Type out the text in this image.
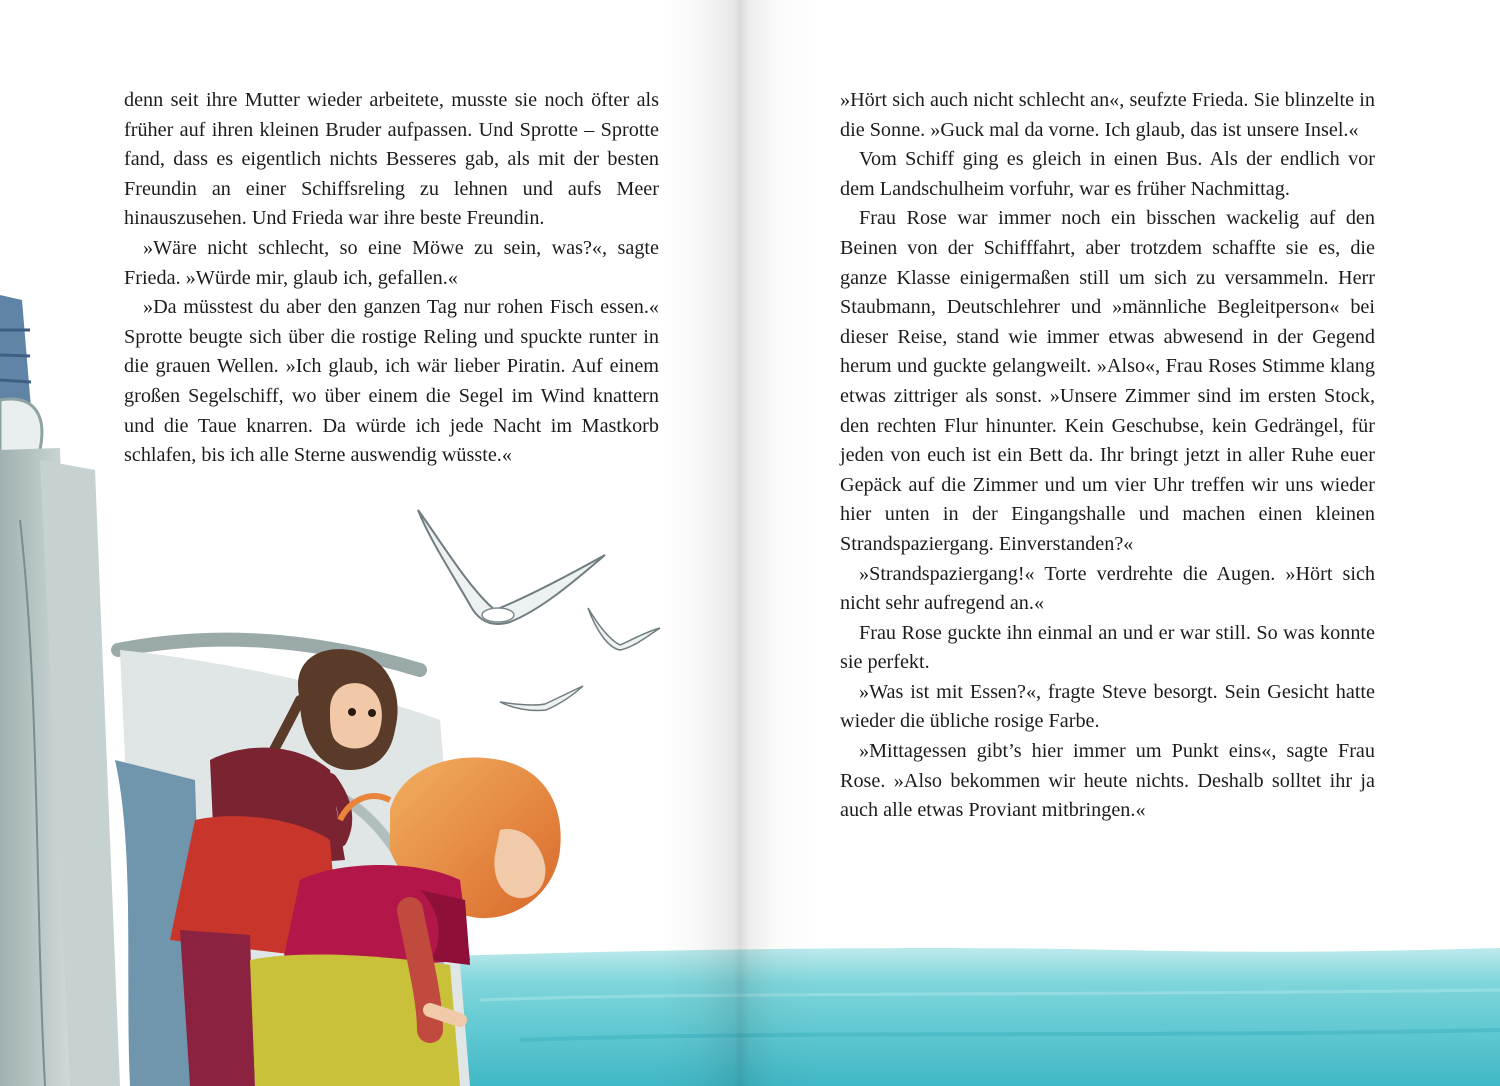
denn seit ihre Mutter wieder arbeitete, musste sie noch öfter als früher auf ihren kleinen Bruder aufpassen. Und Sprotte – Sprotte fand, dass es eigentlich nichts Besseres gab, als mit der besten Freundin an einer Schiffsreling zu lehnen und aufs Meer hinauszusehen. Und Frieda war ihre beste Freundin.

»Wäre nicht schlecht, so eine Möwe zu sein, was?«, sagte Frieda. »Würde mir, glaub ich, gefallen.«

»Da müsstest du aber den ganzen Tag nur rohen Fisch essen.« Sprotte beugte sich über die rostige Reling und spuckte runter in die grauen Wellen. »Ich glaub, ich wär lieber Piratin. Auf einem großen Segelschiff, wo über einem die Segel im Wind knattern und die Taue knarren. Da würde ich jede Nacht im Mastkorb schlafen, bis ich alle Sterne auswendig wüsste.«

»Hört sich auch nicht schlecht an«, seufzte Frieda. Sie blinzelte in die Sonne. »Guck mal da vorne. Ich glaub, das ist unsere Insel.«

Vom Schiff ging es gleich in einen Bus. Als der endlich vor dem Landschulheim vorfuhr, war es früher Nachmittag.

Frau Rose war immer noch ein bisschen wackelig auf den Beinen von der Schifffahrt, aber trotzdem schaffte sie es, die ganze Klasse einigermaßen still um sich zu versammeln. Herr Staubmann, Deutschlehrer und »männliche Begleitperson« bei dieser Reise, stand wie immer etwas abwesend in der Gegend herum und guckte gelangweilt. »Also«, Frau Roses Stimme klang etwas zittriger als sonst. »Unsere Zimmer sind im ersten Stock, den rechten Flur hinunter. Kein Geschubse, kein Gedrängel, für jeden von euch ist ein Bett da. Ihr bringt jetzt in aller Ruhe euer Gepäck auf die Zimmer und um vier Uhr treffen wir uns wieder hier unten in der Eingangshalle und machen einen kleinen Strandspaziergang. Einverstanden?«

»Strandspaziergang!« Torte verdrehte die Augen. »Hört sich nicht sehr aufregend an.«

Frau Rose guckte ihn einmal an und er war still. So was konnte sie perfekt.

»Was ist mit Essen?«, fragte Steve besorgt. Sein Gesicht hatte wieder die übliche rosige Farbe.

»Mittagessen gibt’s hier immer um Punkt eins«, sagte Frau Rose. »Also bekommen wir heute nichts. Deshalb solltet ihr ja auch alle etwas Proviant mitbringen.«
